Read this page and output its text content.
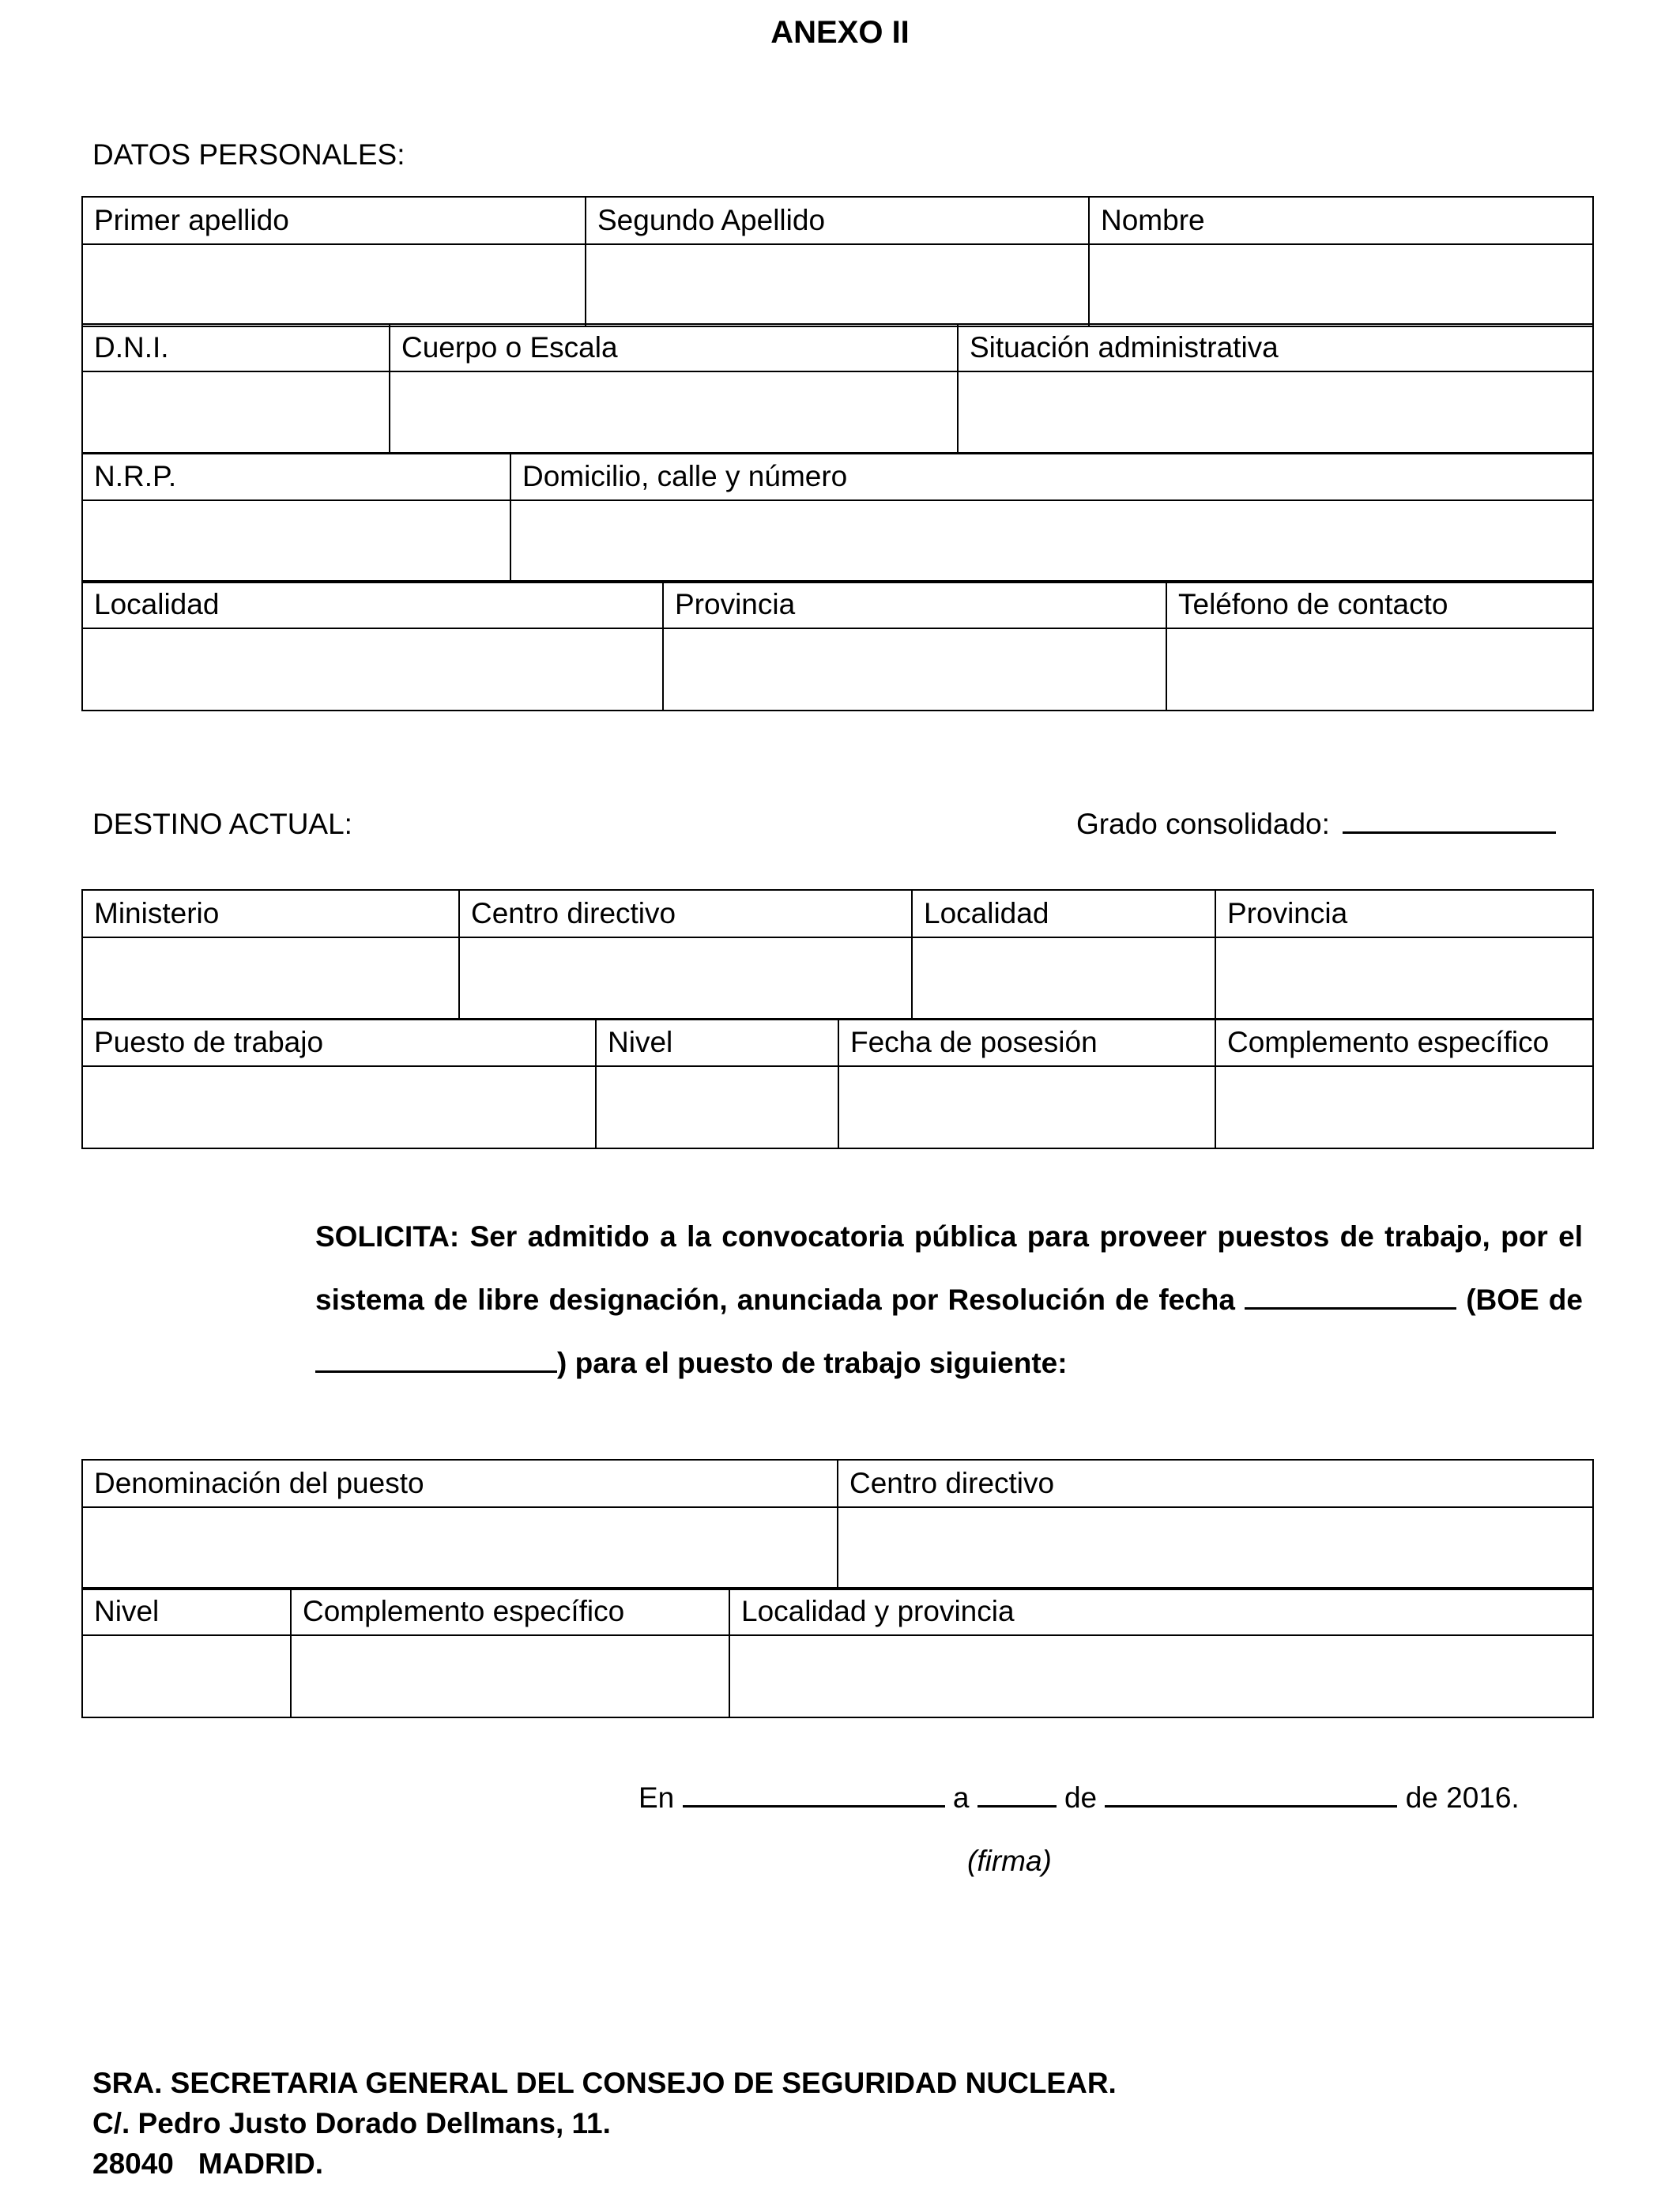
ANEXO II
DATOS PERSONALES:
Primer apellido	Segundo Apellido	Nombre

D.N.I.	Cuerpo o Escala	Situación administrativa

N.R.P.	Domicilio, calle y número

Localidad	Provincia	Teléfono de contacto

DESTINO ACTUAL:	Grado consolidado:
Ministerio	Centro directivo	Localidad	Provincia

Puesto de trabajo	Nivel	Fecha de posesión	Complemento específico

SOLICITA: Ser admitido a la convocatoria pública para proveer puestos de trabajo, por el sistema de libre designación, anunciada por Resolución de fecha	(BOE de ) para el puesto de trabajo siguiente:
Denominación del puesto	Centro directivo

Nivel	Complemento específico	Localidad y provincia

En	a	de	de 2016.
(firma)
SRA. SECRETARIA GENERAL DEL CONSEJO DE SEGURIDAD NUCLEAR.
C/. Pedro Justo Dorado Dellmans, 11.
28040   MADRID.
